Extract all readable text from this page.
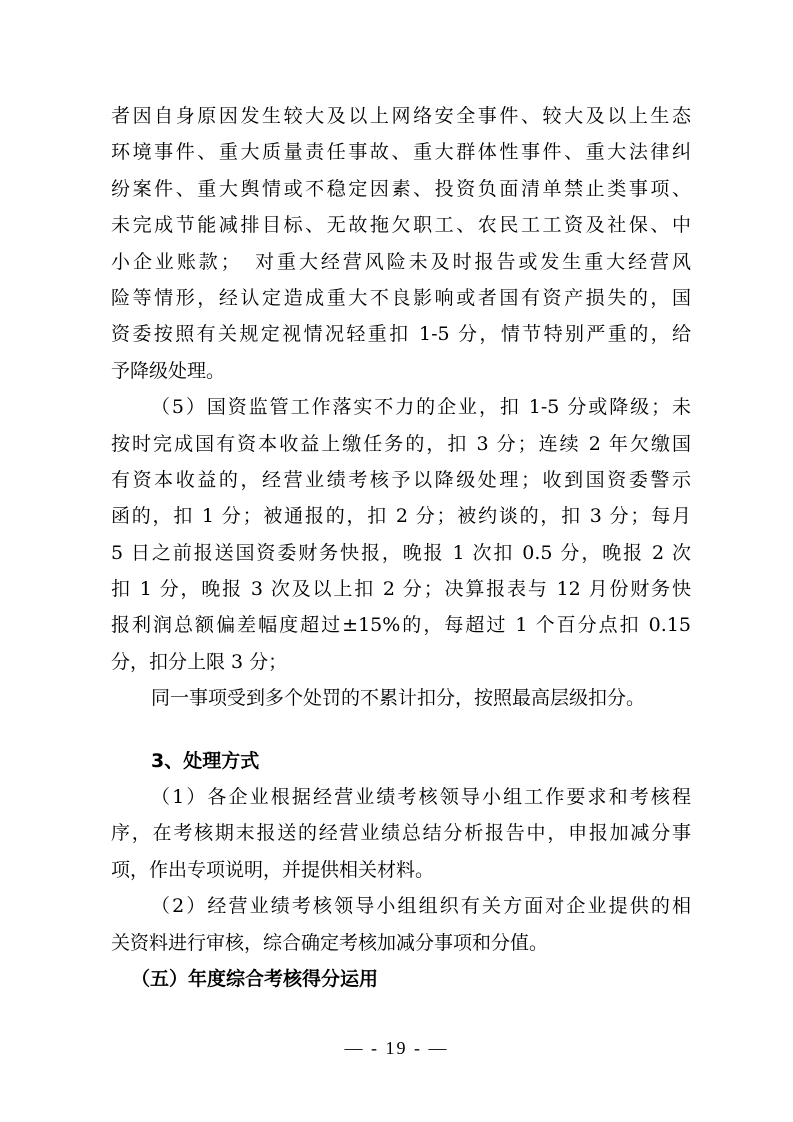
者因自身原因发生较大及以上网络安全事件、较大及以上生态
环境事件、重大质量责任事故、重大群体性事件、重大法律纠
纷案件、重大舆情或不稳定因素、投资负面清单禁止类事项、
未完成节能减排目标、无故拖欠职工、农民工工资及社保、中
小企业账款；　对重大经营风险未及时报告或发生重大经营风
险等情形，经认定造成重大不良影响或者国有资产损失的，国
资委按照有关规定视情况轻重扣 1-5 分，情节特别严重的，给
予降级处理。
（5）国资监管工作落实不力的企业，扣 1-5 分或降级；未
按时完成国有资本收益上缴任务的，扣 3 分；连续 2 年欠缴国
有资本收益的，经营业绩考核予以降级处理；收到国资委警示
函的，扣 1 分；被通报的，扣 2 分；被约谈的，扣 3 分；每月
5 日之前报送国资委财务快报，晚报 1 次扣 0.5 分，晚报 2 次
扣 1 分，晚报 3 次及以上扣 2 分；决算报表与 12 月份财务快
报利润总额偏差幅度超过±15%的，每超过 1 个百分点扣 0.15
分，扣分上限 3 分；
同一事项受到多个处罚的不累计扣分，按照最高层级扣分。
3、处理方式
（1）各企业根据经营业绩考核领导小组工作要求和考核程
序，在考核期末报送的经营业绩总结分析报告中，申报加减分事
项，作出专项说明，并提供相关材料。
（2）经营业绩考核领导小组组织有关方面对企业提供的相
关资料进行审核，综合确定考核加减分事项和分值。
（五）年度综合考核得分运用
— - 19 - —
